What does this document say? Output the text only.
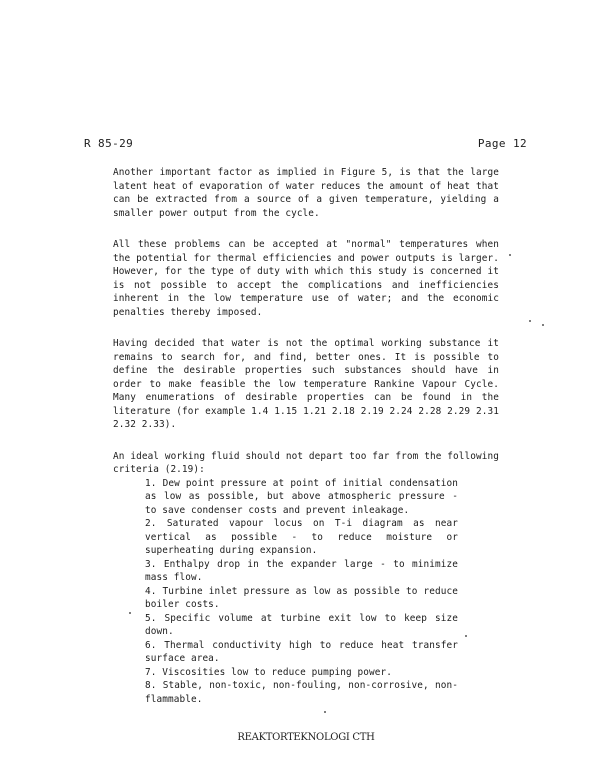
R 85-29	Page 12

Another important factor as implied in Figure 5, is that the large latent heat of evaporation of water reduces the amount of heat that can be extracted from a source of a given temperature, yielding a smaller power output from the cycle.

All these problems can be accepted at "normal" temperatures when the potential for thermal efficiencies and power outputs is larger. However, for the type of duty with which this study is concerned it is not possible to accept the complications and inefficiencies inherent in the low temperature use of water; and the economic penalties thereby imposed.

Having decided that water is not the optimal working substance it remains to search for, and find, better ones. It is possible to define the desirable properties such substances should have in order to make feasible the low temperature Rankine Vapour Cycle. Many enumerations of desirable properties can be found in the literature (for example 1.4 1.15 1.21 2.18 2.19 2.24 2.28 2.29 2.31 2.32 2.33).

An ideal working fluid should not depart too far from the following criteria (2.19):

1. Dew point pressure at point of initial condensation as low as possible, but above atmospheric pressure - to save condenser costs and prevent inleakage.
2. Saturated vapour locus on T-i diagram as near vertical as possible - to reduce moisture or superheating during expansion.
3. Enthalpy drop in the expander large - to minimize mass flow.
4. Turbine inlet pressure as low as possible to reduce boiler costs.
5. Specific volume at turbine exit low to keep size down.
6. Thermal conductivity high to reduce heat transfer surface area.
7. Viscosities low to reduce pumping power.
8. Stable, non-toxic, non-fouling, non-corrosive, non-flammable.
REAKTORTEKNOLOGI CTH
